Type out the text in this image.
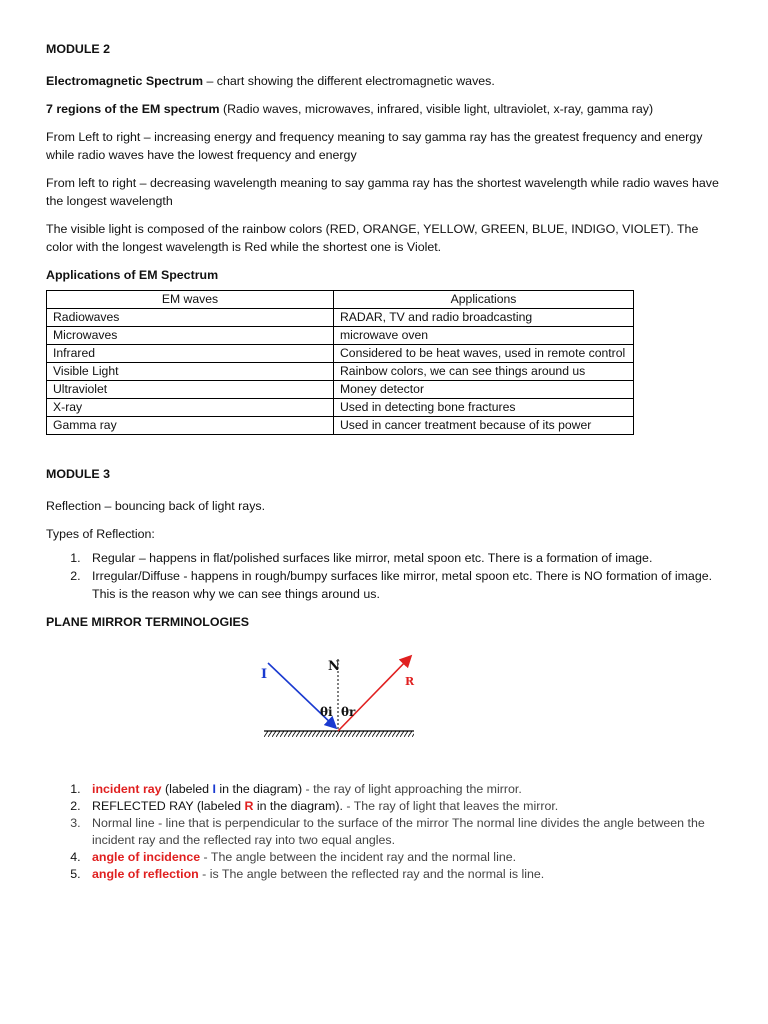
MODULE 2

Electromagnetic Spectrum – chart showing the different electromagnetic waves.

7 regions of the EM spectrum (Radio waves, microwaves, infrared, visible light, ultraviolet, x-ray, gamma ray)

From Left to right – increasing energy and frequency meaning to say gamma ray has the greatest frequency and energy while radio waves have the lowest frequency and energy

From left to right – decreasing wavelength meaning to say gamma ray has the shortest wavelength while radio waves have the longest wavelength

The visible light is composed of the rainbow colors (RED, ORANGE, YELLOW, GREEN, BLUE, INDIGO, VIOLET). The color with the longest wavelength is Red while the shortest one is Violet.

Applications of EM Spectrum

EM waves	Applications
Radiowaves	RADAR, TV and radio broadcasting
Microwaves	microwave oven
Infrared	Considered to be heat waves, used in remote control
Visible Light	Rainbow colors, we can see things around us
Ultraviolet	Money detector
X-ray	Used in detecting bone fractures
Gamma ray	Used in cancer treatment because of its power

MODULE 3

Reflection – bouncing back of light rays.

Types of Reflection:

1. Regular – happens in flat/polished surfaces like mirror, metal spoon etc. There is a formation of image.
2. Irregular/Diffuse - happens in rough/bumpy surfaces like mirror, metal spoon etc. There is NO formation of image. This is the reason why we can see things around us.

PLANE MIRROR TERMINOLOGIES

I
N
R
θi θr
1. incident ray (labeled I in the diagram) - the ray of light approaching the mirror.
2. REFLECTED RAY (labeled R in the diagram). - The ray of light that leaves the mirror.
3. Normal line - line that is perpendicular to the surface of the mirror The normal line divides the angle between the incident ray and the reflected ray into two equal angles.
4. angle of incidence - The angle between the incident ray and the normal line.
5. angle of reflection - is The angle between the reflected ray and the normal is line.
